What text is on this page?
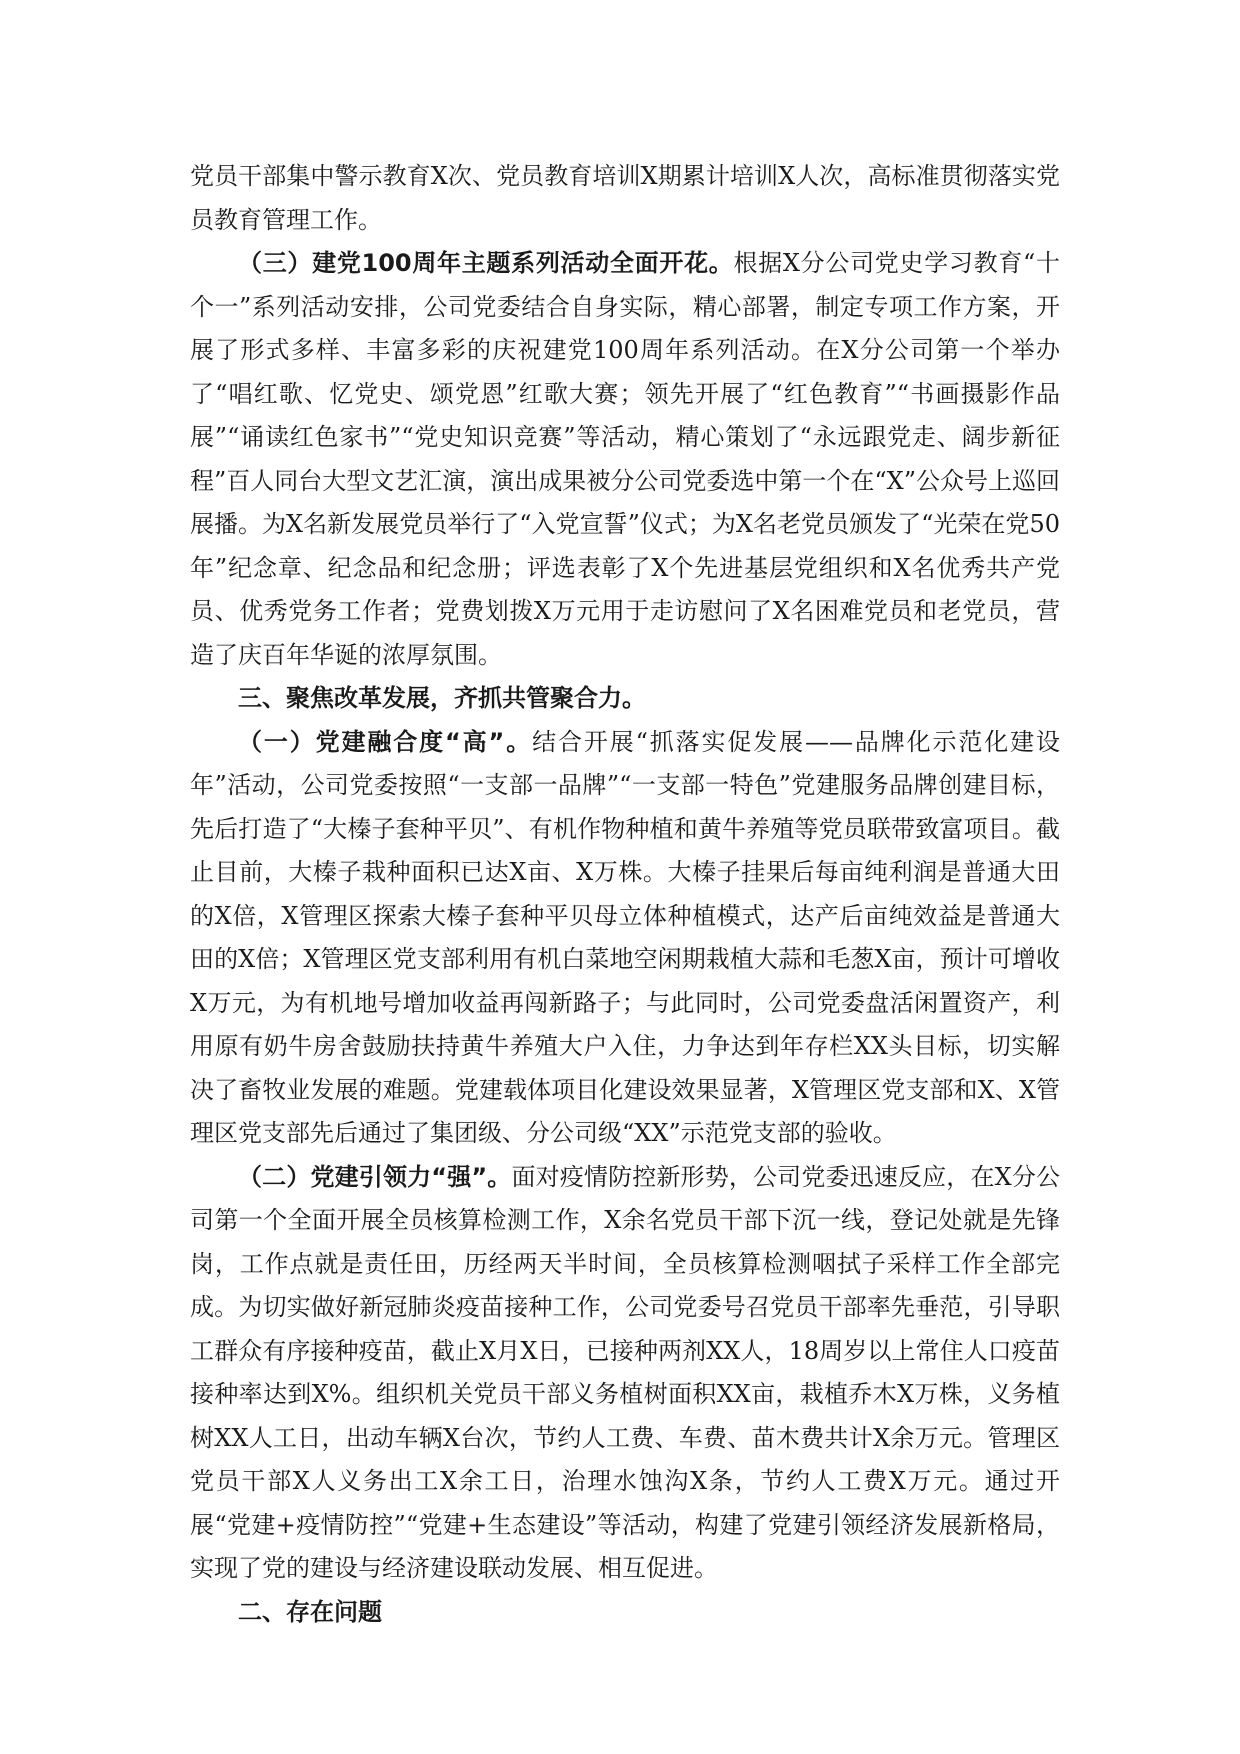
党员干部集中警示教育X次、党员教育培训X期累计培训X人次，高标准贯彻落实党员教育管理工作。

（三）建党100周年主题系列活动全面开花。根据X分公司党史学习教育“十个一”系列活动安排，公司党委结合自身实际，精心部署，制定专项工作方案，开展了形式多样、丰富多彩的庆祝建党100周年系列活动。在X分公司第一个举办了“唱红歌、忆党史、颂党恩”红歌大赛；领先开展了“红色教育”“书画摄影作品展”“诵读红色家书”“党史知识竞赛”等活动，精心策划了“永远跟党走、阔步新征程”百人同台大型文艺汇演，演出成果被分公司党委选中第一个在“X”公众号上巡回展播。为X名新发展党员举行了“入党宣誓”仪式；为X名老党员颁发了“光荣在党50年”纪念章、纪念品和纪念册；评选表彰了X个先进基层党组织和X名优秀共产党员、优秀党务工作者；党费划拨X万元用于走访慰问了X名困难党员和老党员，营造了庆百年华诞的浓厚氛围。

三、聚焦改革发展，齐抓共管聚合力。

（一）党建融合度“高”。结合开展“抓落实促发展——品牌化示范化建设年”活动，公司党委按照“一支部一品牌”“一支部一特色”党建服务品牌创建目标，先后打造了“大榛子套种平贝”、有机作物种植和黄牛养殖等党员联带致富项目。截止目前，大榛子栽种面积已达X亩、X万株。大榛子挂果后每亩纯利润是普通大田的X倍，X管理区探索大榛子套种平贝母立体种植模式，达产后亩纯效益是普通大田的X倍；X管理区党支部利用有机白菜地空闲期栽植大蒜和毛葱X亩，预计可增收X万元，为有机地号增加收益再闯新路子；与此同时，公司党委盘活闲置资产，利用原有奶牛房舍鼓励扶持黄牛养殖大户入住，力争达到年存栏XX头目标，切实解决了畜牧业发展的难题。党建载体项目化建设效果显著，X管理区党支部和X、X管理区党支部先后通过了集团级、分公司级“XX”示范党支部的验收。

（二）党建引领力“强”。面对疫情防控新形势，公司党委迅速反应，在X分公司第一个全面开展全员核算检测工作，X余名党员干部下沉一线，登记处就是先锋岗，工作点就是责任田，历经两天半时间，全员核算检测咽拭子采样工作全部完成。为切实做好新冠肺炎疫苗接种工作，公司党委号召党员干部率先垂范，引导职工群众有序接种疫苗，截止X月X日，已接种两剂XX人，18周岁以上常住人口疫苗接种率达到X%。组织机关党员干部义务植树面积XX亩，栽植乔木X万株，义务植树XX人工日，出动车辆X台次，节约人工费、车费、苗木费共计X余万元。管理区党员干部X人义务出工X余工日，治理水蚀沟X条，节约人工费X万元。通过开展“党建+疫情防控”“党建+生态建设”等活动，构建了党建引领经济发展新格局，实现了党的建设与经济建设联动发展、相互促进。

二、存在问题
